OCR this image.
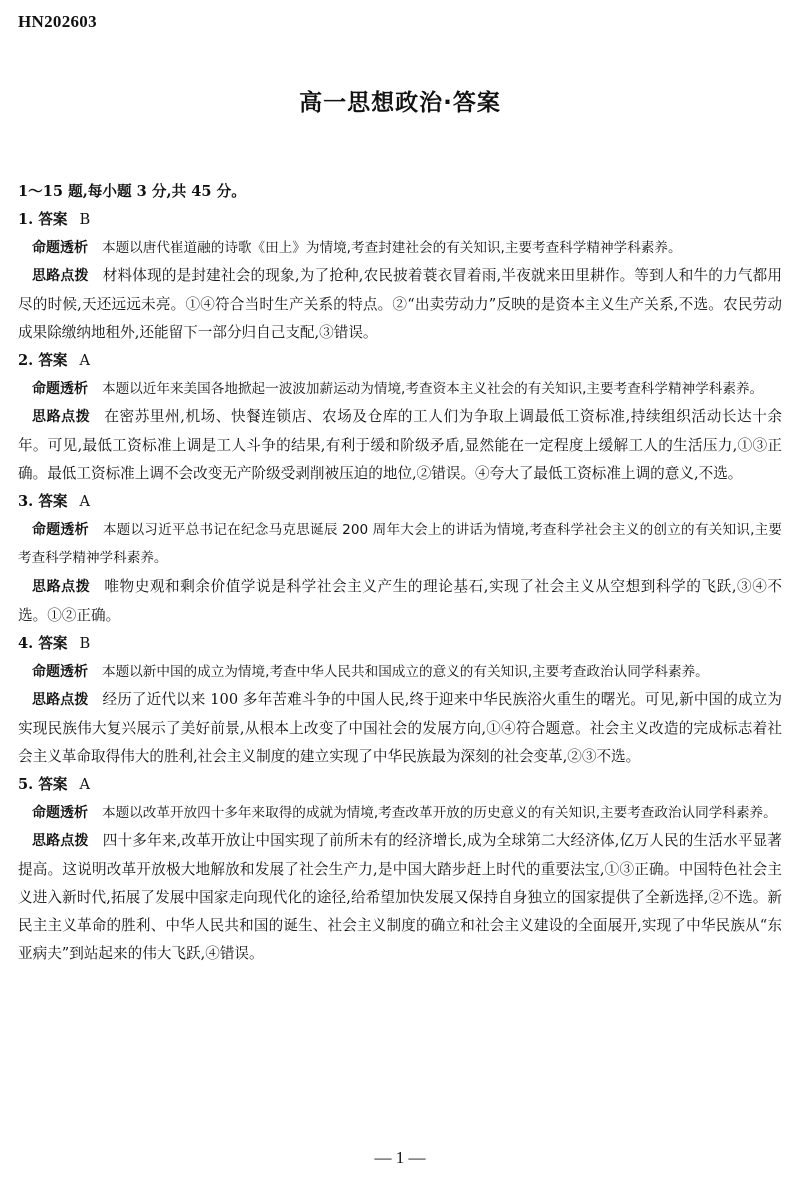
HN202603
高一思想政治·答案
1～15 题,每小题 3 分,共 45 分。

1. 答案 B

命题透析 本题以唐代崔道融的诗歌《田上》为情境,考查封建社会的有关知识,主要考查科学精神学科素养。

思路点拨 材料体现的是封建社会的现象,为了抢种,农民披着蓑衣冒着雨,半夜就来田里耕作。等到人和牛的力气都用尽的时候,天还远远未亮。①④符合当时生产关系的特点。②“出卖劳动力”反映的是资本主义生产关系,不选。农民劳动成果除缴纳地租外,还能留下一部分归自己支配,③错误。

2. 答案 A

命题透析 本题以近年来美国各地掀起一波波加薪运动为情境,考查资本主义社会的有关知识,主要考查科学精神学科素养。

思路点拨 在密苏里州,机场、快餐连锁店、农场及仓库的工人们为争取上调最低工资标准,持续组织活动长达十余年。可见,最低工资标准上调是工人斗争的结果,有利于缓和阶级矛盾,显然能在一定程度上缓解工人的生活压力,①③正确。最低工资标准上调不会改变无产阶级受剥削被压迫的地位,②错误。④夸大了最低工资标准上调的意义,不选。

3. 答案 A

命题透析 本题以习近平总书记在纪念马克思诞辰 200 周年大会上的讲话为情境,考查科学社会主义的创立的有关知识,主要考查科学精神学科素养。

思路点拨 唯物史观和剩余价值学说是科学社会主义产生的理论基石,实现了社会主义从空想到科学的飞跃,③④不选。①②正确。

4. 答案 B

命题透析 本题以新中国的成立为情境,考查中华人民共和国成立的意义的有关知识,主要考查政治认同学科素养。

思路点拨 经历了近代以来 100 多年苦难斗争的中国人民,终于迎来中华民族浴火重生的曙光。可见,新中国的成立为实现民族伟大复兴展示了美好前景,从根本上改变了中国社会的发展方向,①④符合题意。社会主义改造的完成标志着社会主义革命取得伟大的胜利,社会主义制度的建立实现了中华民族最为深刻的社会变革,②③不选。

5. 答案 A

命题透析 本题以改革开放四十多年来取得的成就为情境,考查改革开放的历史意义的有关知识,主要考查政治认同学科素养。

思路点拨 四十多年来,改革开放让中国实现了前所未有的经济增长,成为全球第二大经济体,亿万人民的生活水平显著提高。这说明改革开放极大地解放和发展了社会生产力,是中国大踏步赶上时代的重要法宝,①③正确。中国特色社会主义进入新时代,拓展了发展中国家走向现代化的途径,给希望加快发展又保持自身独立的国家提供了全新选择,②不选。新民主主义革命的胜利、中华人民共和国的诞生、社会主义制度的确立和社会主义建设的全面展开,实现了中华民族从“东亚病夫”到站起来的伟大飞跃,④错误。

— 1 —
